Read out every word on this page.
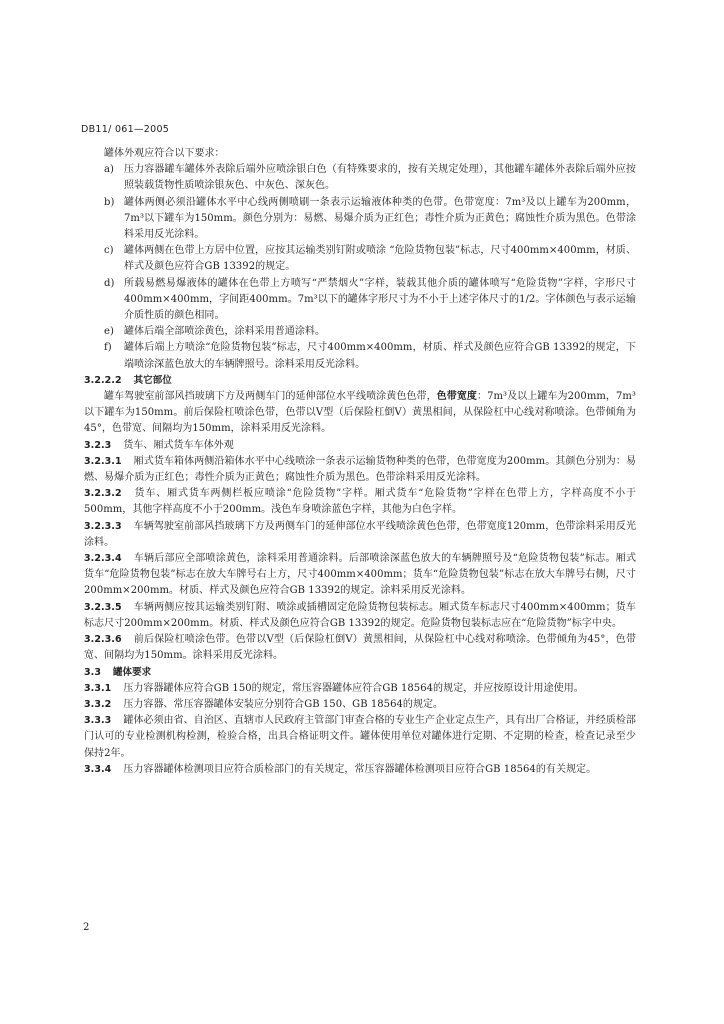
DB11/ 061—2005

罐体外观应符合以下要求：

a)	压力容器罐车罐体外表除后端外应喷涂银白色（有特殊要求的，按有关规定处理），其他罐车罐体外表除后端外应按照装载货物性质喷涂银灰色、中灰色、深灰色。
b) 罐体两侧必须沿罐体水平中心线两侧喷刷一条表示运输液体种类的色带。色带宽度：7m³及以上罐车为200mm，7m³以下罐车为150mm。颜色分别为：易燃、易爆介质为正红色；毒性介质为正黄色；腐蚀性介质为黑色。色带涂料采用反光涂料。
c)	罐体两侧在色带上方居中位置，应按其运输类别钉附或喷涂 “危险货物包装”标志，尺寸400mm×400mm，材质、样式及颜色应符合GB 13392的规定。
d) 所载易燃易爆液体的罐体在色带上方喷写“严禁烟火”字样，装载其他介质的罐体喷写“危险货物”字样，字形尺寸400mm×400mm，字间距400mm。7m³以下的罐体字形尺寸为不小于上述字体尺寸的1/2。字体颜色与表示运输介质性质的颜色相同。
e)	罐体后端全部喷涂黄色，涂料采用普通涂料。
f)	罐体后端上方喷涂“危险货物包装”标志，尺寸400mm×400mm，材质、样式及颜色应符合GB 13392的规定，下端喷涂深蓝色放大的车辆牌照号。涂料采用反光涂料。

3.2.2.2 其它部位

罐车驾驶室前部风挡玻璃下方及两侧车门的延伸部位水平线喷涂黄色色带，色带宽度：7m³及以上罐车为200mm，7m³以下罐车为150mm。前后保险杠喷涂色带，色带以V型（后保险杠倒V）黄黑相间，从保险杠中心线对称喷涂。色带倾角为45°，色带宽、间隔均为150mm，涂料采用反光涂料。

3.2.3 货车、厢式货车车体外观

3.2.3.1 厢式货车箱体两侧沿箱体水平中心线喷涂一条表示运输货物种类的色带，色带宽度为200mm。其颜色分别为：易燃、易爆介质为正红色；毒性介质为正黄色；腐蚀性介质为黑色。色带涂料采用反光涂料。

3.2.3.2 货车、厢式货车两侧栏板应喷涂“危险货物”字样。厢式货车“危险货物”字样在色带上方，字样高度不小于500mm，其他字样高度不小于200mm。浅色车身喷涂蓝色字样，其他为白色字样。

3.2.3.3 车辆驾驶室前部风挡玻璃下方及两侧车门的延伸部位水平线喷涂黄色色带，色带宽度120mm，色带涂料采用反光涂料。

3.2.3.4 车辆后部应全部喷涂黄色，涂料采用普通涂料。后部喷涂深蓝色放大的车辆牌照号及“危险货物包装”标志。厢式货车“危险货物包装”标志在放大车牌号右上方，尺寸400mm×400mm；货车“危险货物包装”标志在放大车牌号右侧，尺寸200mm×200mm。材质、样式及颜色应符合GB 13392的规定。涂料采用反光涂料。

3.2.3.5 车辆两侧应按其运输类别钉附、喷涂或插槽固定危险货物包装标志。厢式货车标志尺寸400mm×400mm；货车标志尺寸200mm×200mm。材质、样式及颜色应符合GB 13392的规定。危险货物包装标志应在“危险货物”标字中央。

3.2.3.6 前后保险杠喷涂色带。色带以V型（后保险杠倒V）黄黑相间，从保险杠中心线对称喷涂。色带倾角为45°，色带宽、间隔均为150mm。涂料采用反光涂料。

3.3 罐体要求

3.3.1 压力容器罐体应符合GB 150的规定，常压容器罐体应符合GB 18564的规定，并应按原设计用途使用。

3.3.2 压力容器、常压容器罐体安装应分别符合GB 150、GB 18564的规定。

3.3.3 罐体必须由省、自治区、直辖市人民政府主管部门审查合格的专业生产企业定点生产，具有出厂合格证，并经质检部门认可的专业检测机构检测，检验合格，出具合格证明文件。罐体使用单位对罐体进行定期、不定期的检查，检查记录至少保持2年。

3.3.4 压力容器罐体检测项目应符合质检部门的有关规定，常压容器罐体检测项目应符合GB 18564的有关规定。

2
